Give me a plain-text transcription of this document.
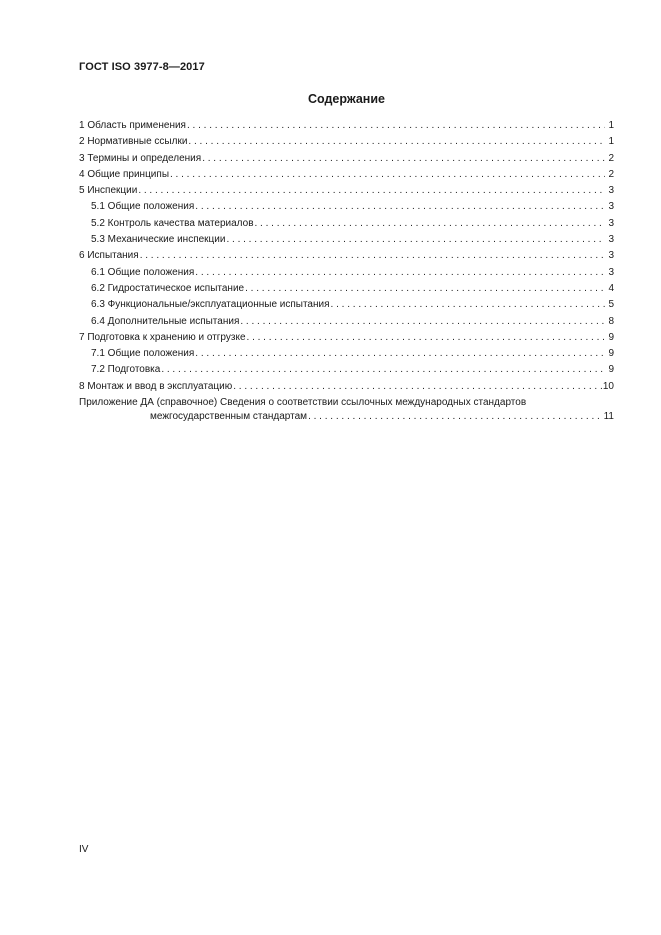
ГОСТ ISO 3977-8—2017
Содержание
1 Область применения . . .	1
2 Нормативные ссылки . . .	1
3 Термины и определения . . .	2
4 Общие принципы . . .	2
5 Инспекции . . .	3
5.1 Общие положения . . .	3
5.2 Контроль качества материалов . . .	3
5.3 Механические инспекции . . .	3
6 Испытания . . .	3
6.1 Общие положения . . .	3
6.2 Гидростатическое испытание . . .	4
6.3 Функциональные/эксплуатационные испытания . . .	5
6.4 Дополнительные испытания . . .	8
7 Подготовка к хранению и отгрузке . . .	9
7.1 Общие положения . . .	9
7.2 Подготовка . . .	9
8 Монтаж и ввод в эксплуатацию . . .	10
Приложение ДА (справочное) Сведения о соответствии ссылочных международных стандартов
межгосударственным стандартам . . .	11
IV
